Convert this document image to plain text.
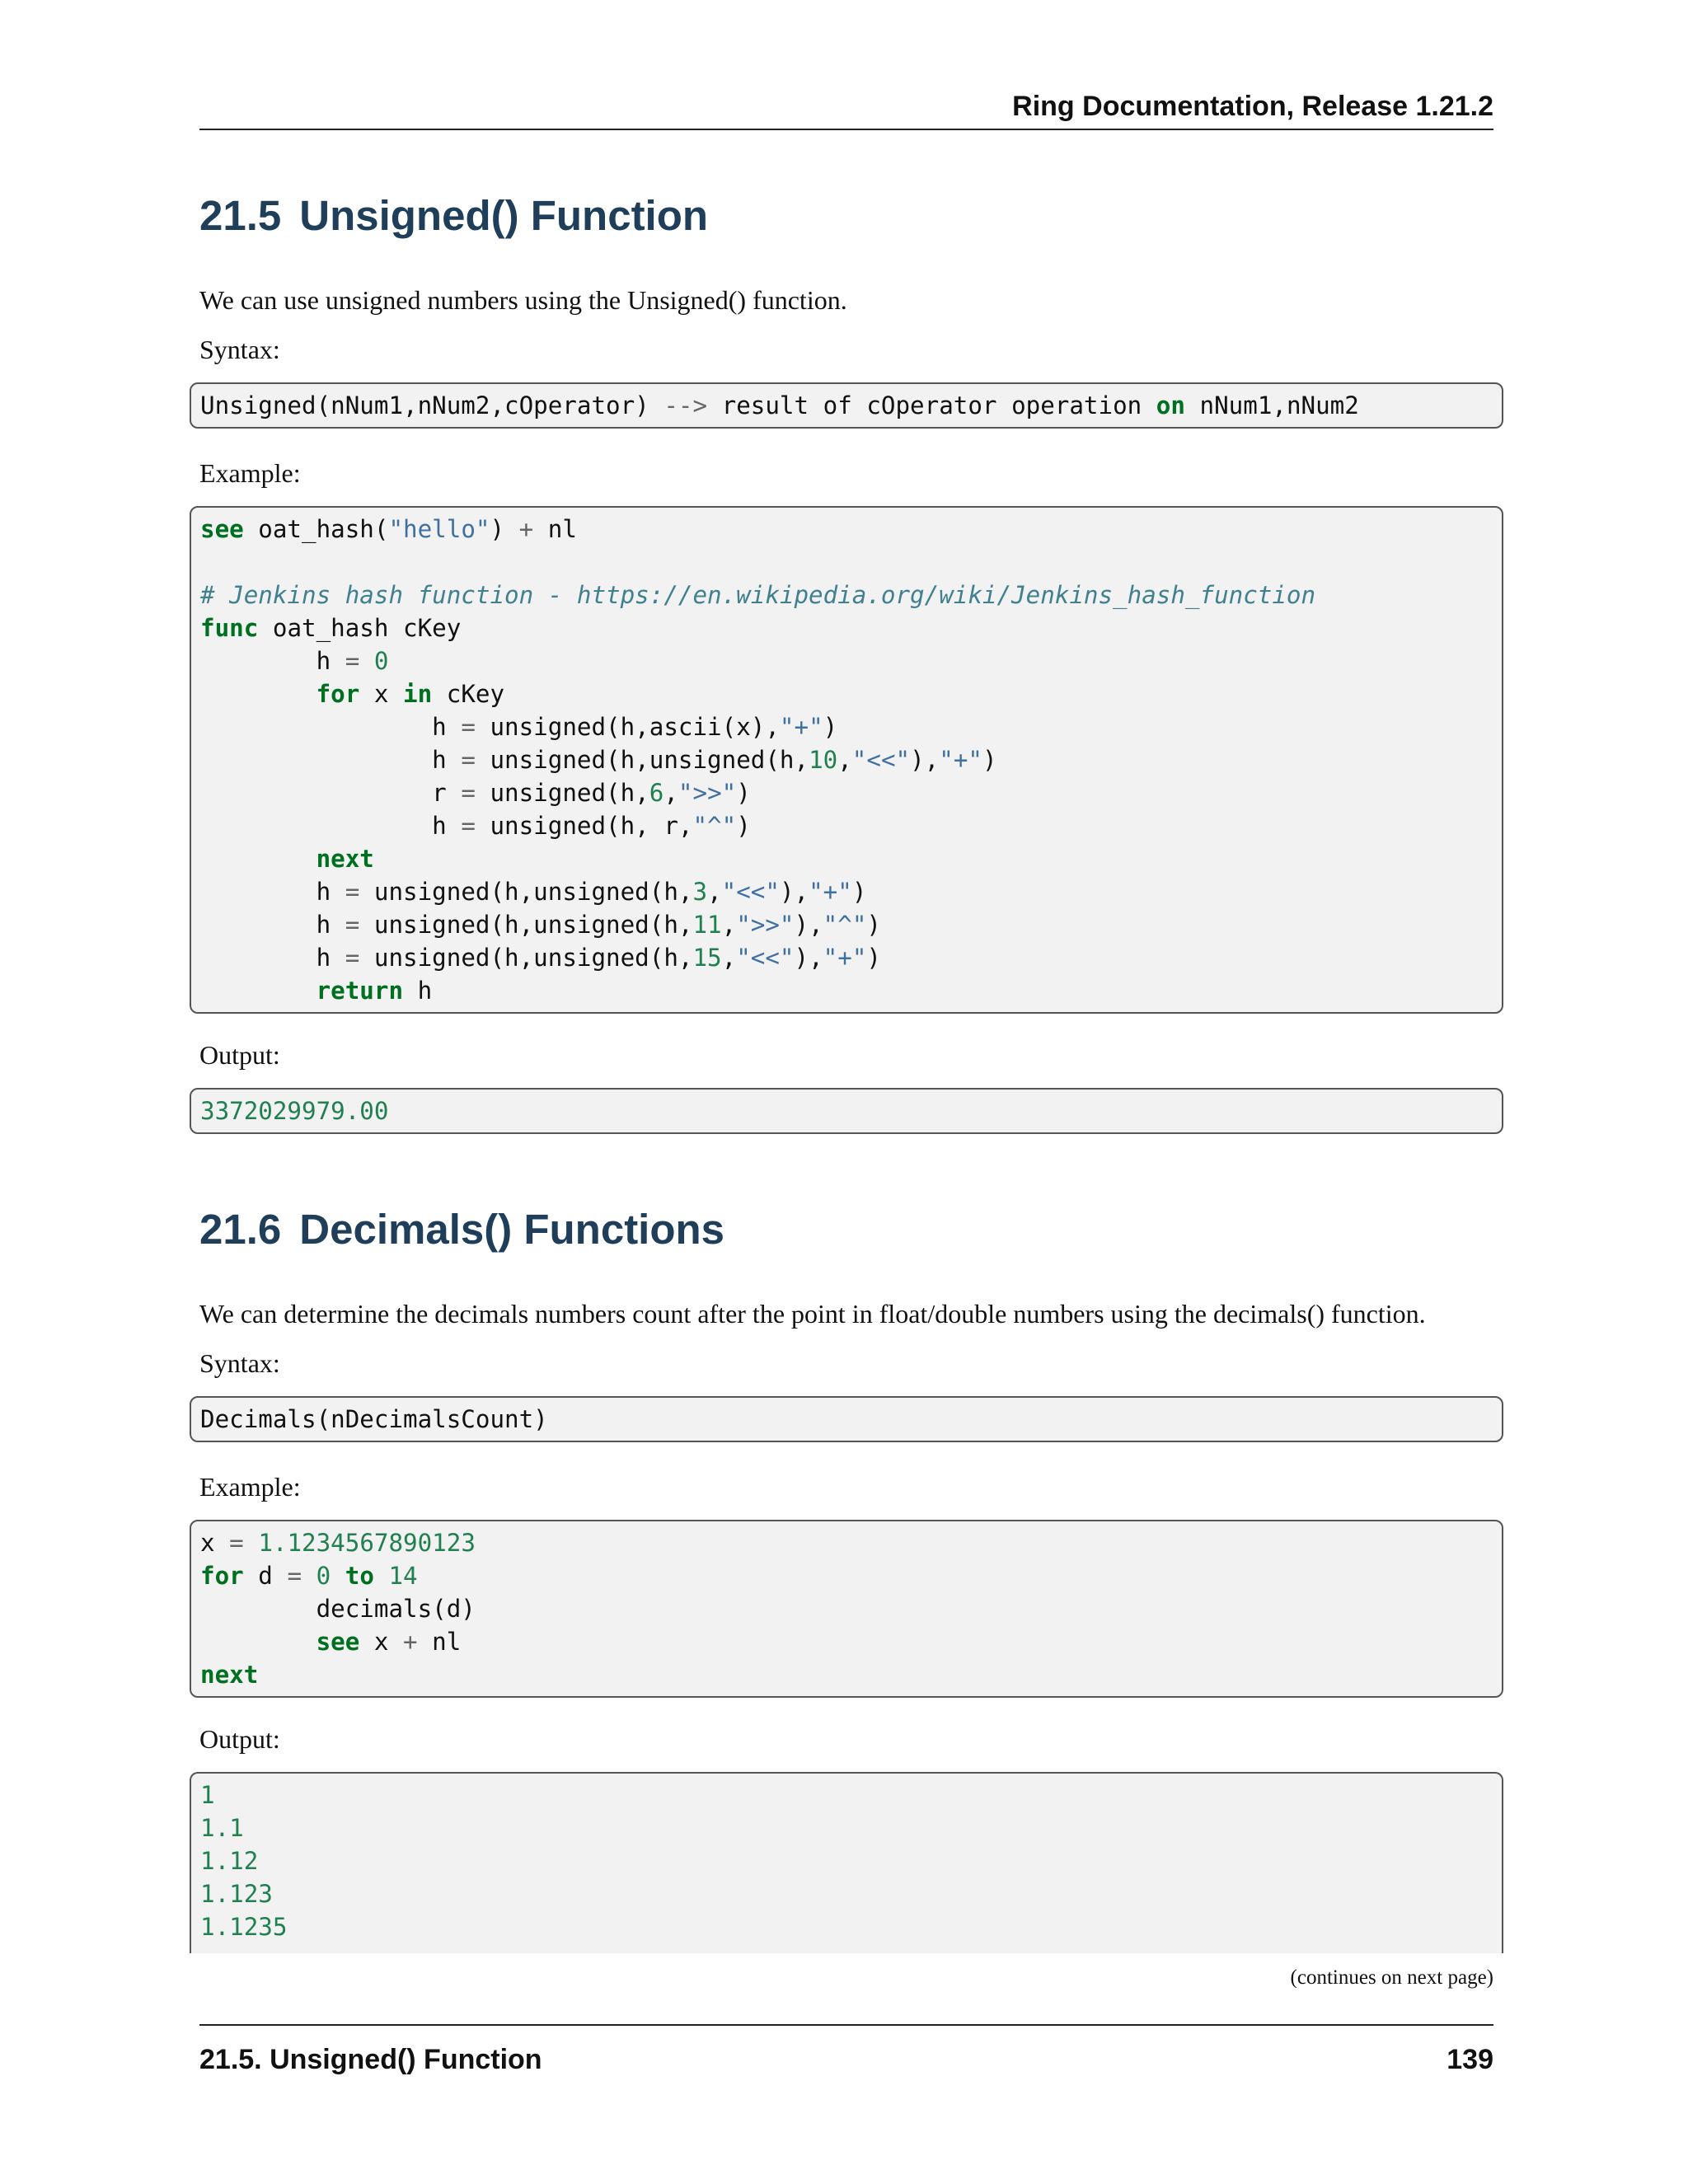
Ring Documentation, Release 1.21.2
21.5 Unsigned() Function

We can use unsigned numbers using the Unsigned() function.

Syntax:

Unsigned(nNum1,nNum2,cOperator) --> result of cOperator operation on nNum1,nNum2

Example:

see oat_hash("hello") + nl

# Jenkins hash function - https://en.wikipedia.org/wiki/Jenkins_hash_function
func oat_hash cKey
h = 0
for x in cKey
h = unsigned(h,ascii(x),"+")
h = unsigned(h,unsigned(h,10,"<<"),"+")
r = unsigned(h,6,">>")
h = unsigned(h, r,"^")
next
h = unsigned(h,unsigned(h,3,"<<"),"+")
h = unsigned(h,unsigned(h,11,">>"),"^")
h = unsigned(h,unsigned(h,15,"<<"),"+")
return h

Output:

3372029979.00
21.6 Decimals() Functions

We can determine the decimals numbers count after the point in float/double numbers using the decimals() function.

Syntax:

Decimals(nDecimalsCount)

Example:

x = 1.1234567890123
for d = 0 to 14
decimals(d)
see x + nl
next

Output:

1
1.1
1.12
1.123
1.1235
(continues on next page)
21.5. Unsigned() Function	139
